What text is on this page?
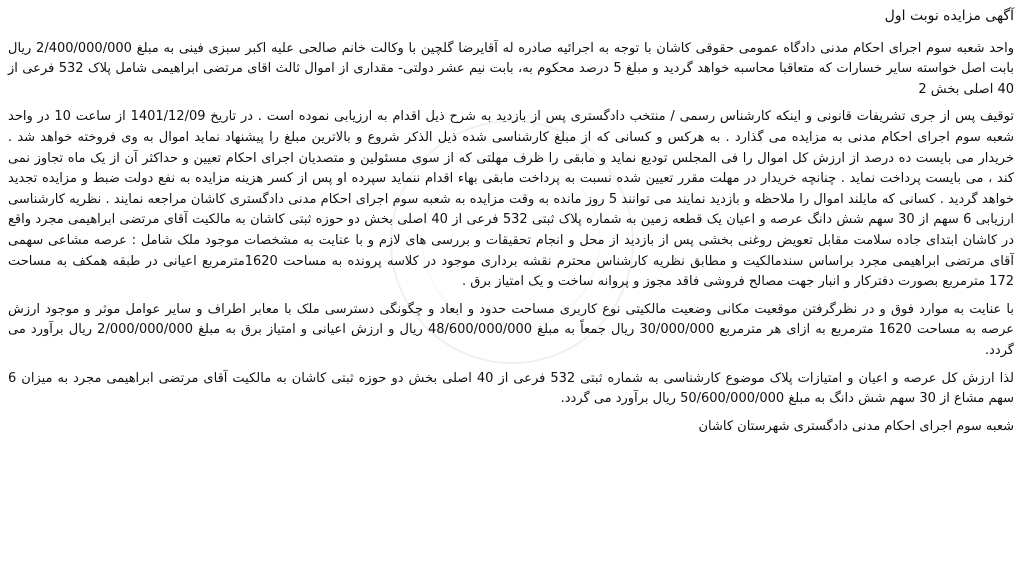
آگهی مزایده نوبت اول

واحد شعبه سوم اجرای احکام مدنی دادگاه عمومی حقوقی کاشان با توجه به اجرائیه صادره له آقایرضا گلچین با وکالت خانم صالحی علیه اکبر سبزی فینی به مبلغ 2/400/000/000 ریال بابت اصل خواسته سایر خسارات که متعاقبا محاسبه خواهد گردید و مبلغ 5 درصد محکوم به، بابت نیم عشر دولتی- مقداری از اموال ثالث اقای مرتضی ابراهیمی شامل پلاک 532 فرعی از 40 اصلی بخش 2

توقیف پس از جری تشریفات قانونی و اینکه کارشناس رسمی / منتخب دادگستری پس از بازدید به شرح ذیل اقدام به ارزیابی نموده است . در تاریخ 1401/12/09 از ساعت 10 در واحد شعبه سوم اجرای احکام مدنی به مزایده می گذارد . به هرکس و کسانی که از مبلغ کارشناسی شده ذیل الذکر شروع و بالاترین مبلغ را پیشنهاد نماید اموال به وی فروخته خواهد شد . خریدار می بایست ده درصد از ارزش کل اموال را فی المجلس تودیع نماید و مابقی را ظرف مهلتی که از سوی مسئولین و متصدیان اجرای احکام تعیین و حداکثر آن از یک ماه تجاوز نمی کند ، می بایست پرداخت نماید . چنانچه خریدار در مهلت مقرر تعیین شده نسبت به پرداخت مابقی بهاء اقدام ننماید سپرده او پس از کسر هزینه مزایده به نفع دولت ضبط و مزایده تجدید خواهد گردید . کسانی که مایلند اموال را ملاحظه و بازدید نمایند می توانند 5 روز مانده به وقت مزایده به شعبه سوم اجرای احکام مدنی دادگستری کاشان مراجعه نمایند . نظریه کارشناسی ارزیابی 6 سهم از 30 سهم شش دانگ عرصه و اعیان یک قطعه زمین به شماره پلاک ثبتی 532 فرعی از 40 اصلی بخش دو حوزه ثبتی کاشان به مالکیت آقای مرتضی ابراهیمی مجرد واقع در کاشان ابتدای جاده سلامت مقابل تعویض روغنی بخشی پس از بازدید از محل و انجام تحقیقات و بررسی های لازم و با عنایت به مشخصات موجود ملک شامل : عرصه مشاعی سهمی آقای مرتضی ابراهیمی مجرد براساس سندمالکیت و مطابق نظریه کارشناس محترم نقشه برداری موجود در کلاسه پرونده به مساحت 1620مترمربع اعیانی در طبقه همکف به مساحت 172 مترمربع بصورت دفترکار و انبار جهت مصالح فروشی فاقد مجوز و پروانه ساخت و یک امتیاز برق .

با عنایت به موارد فوق و در نظرگرفتن موقعیت مکانی وضعیت مالکیتی نوع کاربری مساحت حدود و ابعاد و چگونگی دسترسی ملک با معابر اطراف و سایر عوامل موثر و موجود ارزش عرصه به مساحت 1620 مترمربع به ازای هر مترمربع 30/000/000 ریال جمعاً به مبلغ 48/600/000/000 ریال و ارزش اعیانی و امتیاز برق به مبلغ 2/000/000/000 ریال برآورد می گردد.

لذا ارزش کل عرصه و اعیان و امتیازات پلاک موضوع کارشناسی به شماره ثبتی 532 فرعی از 40 اصلی بخش دو حوزه ثبتی کاشان به مالکیت آقای مرتضی ابراهیمی مجرد به میزان 6 سهم مشاع از 30 سهم شش دانگ به مبلغ 50/600/000/000 ریال برآورد می گردد.

شعبه سوم اجرای احکام مدنی دادگستری شهرستان کاشان
